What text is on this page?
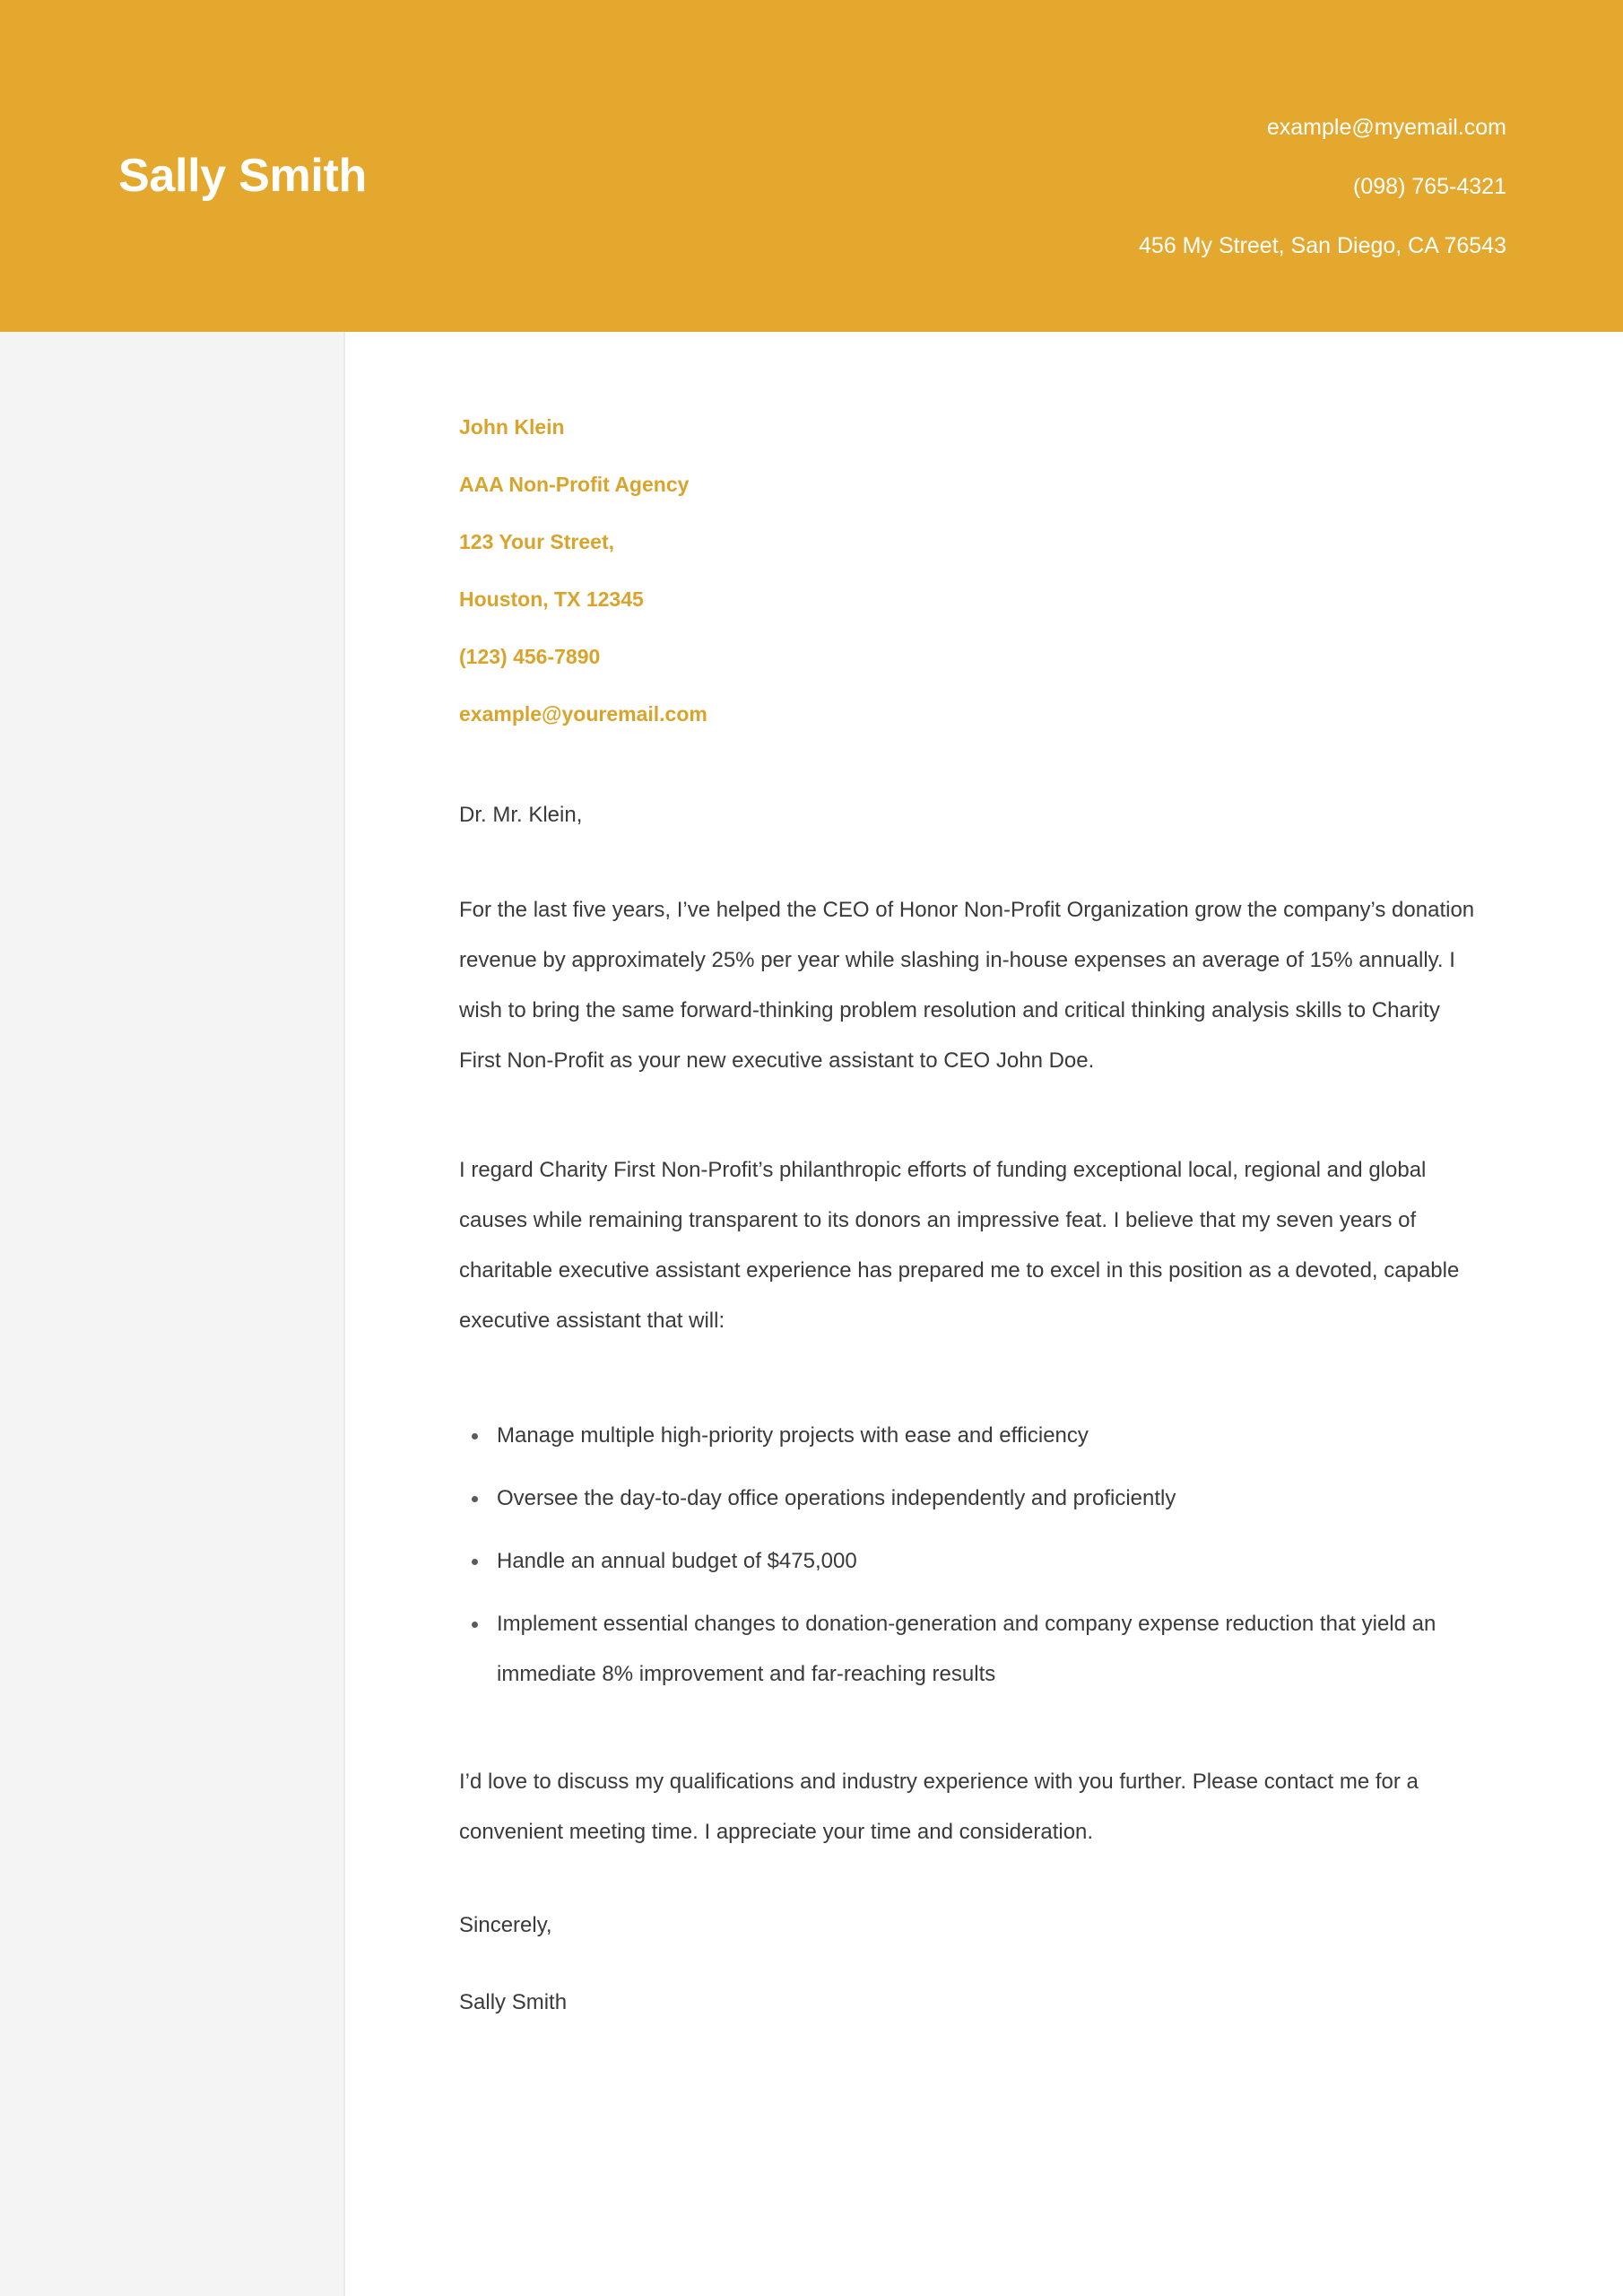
Sally Smith
example@myemail.com
(098) 765-4321
456 My Street, San Diego, CA 76543
John Klein
AAA Non-Profit Agency
123 Your Street,
Houston, TX 12345
(123) 456-7890
example@youremail.com
Dr. Mr. Klein,
For the last five years, I’ve helped the CEO of Honor Non-Profit Organization grow the company’s donation revenue by approximately 25% per year while slashing in-house expenses an average of 15% annually. I wish to bring the same forward-thinking problem resolution and critical thinking analysis skills to Charity First Non-Profit as your new executive assistant to CEO John Doe.
I regard Charity First Non-Profit’s philanthropic efforts of funding exceptional local, regional and global causes while remaining transparent to its donors an impressive feat. I believe that my seven years of charitable executive assistant experience has prepared me to excel in this position as a devoted, capable executive assistant that will:
Manage multiple high-priority projects with ease and efficiency
Oversee the day-to-day office operations independently and proficiently
Handle an annual budget of $475,000
Implement essential changes to donation-generation and company expense reduction that yield an immediate 8% improvement and far-reaching results
I’d love to discuss my qualifications and industry experience with you further. Please contact me for a convenient meeting time. I appreciate your time and consideration.
Sincerely,
Sally Smith
